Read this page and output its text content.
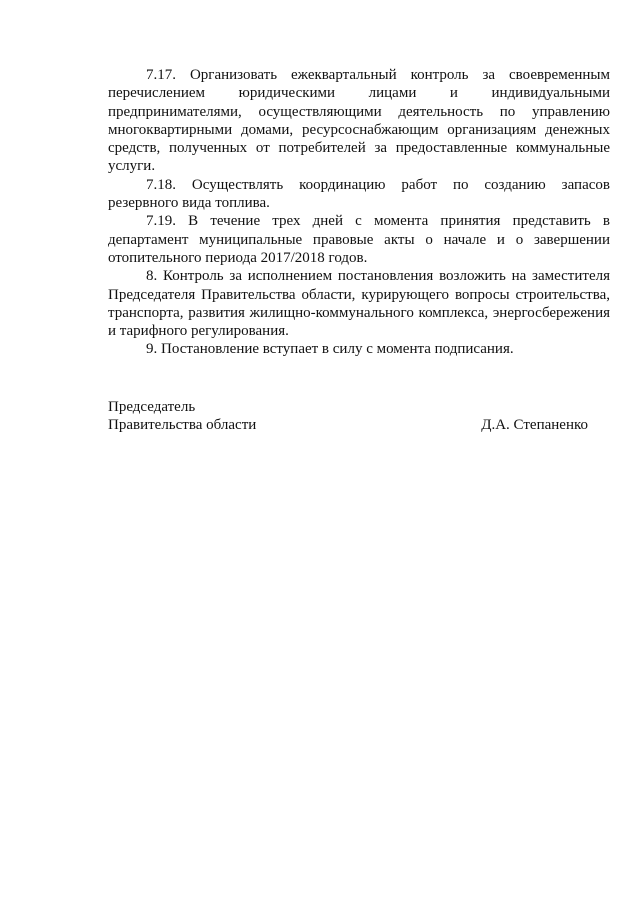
7.17. Организовать ежеквартальный контроль за своевременным перечислением юридическими лицами и индивидуальными предпринимателями, осуществляющими деятельность по управлению многоквартирными домами, ресурсоснабжающим организациям денежных средств, полученных от потребителей за предоставленные коммунальные услуги.

7.18. Осуществлять координацию работ по созданию запасов резервного вида топлива.

7.19. В течение трех дней с момента принятия представить в департамент муниципальные правовые акты о начале и о завершении отопительного периода 2017/2018 годов.

8. Контроль за исполнением постановления возложить на заместителя Председателя Правительства области, курирующего вопросы строительства, транспорта, развития жилищно-коммунального комплекса, энергосбережения и тарифного регулирования.

9. Постановление вступает в силу с момента подписания.

Председатель
Правительства области	Д.А. Степаненко
